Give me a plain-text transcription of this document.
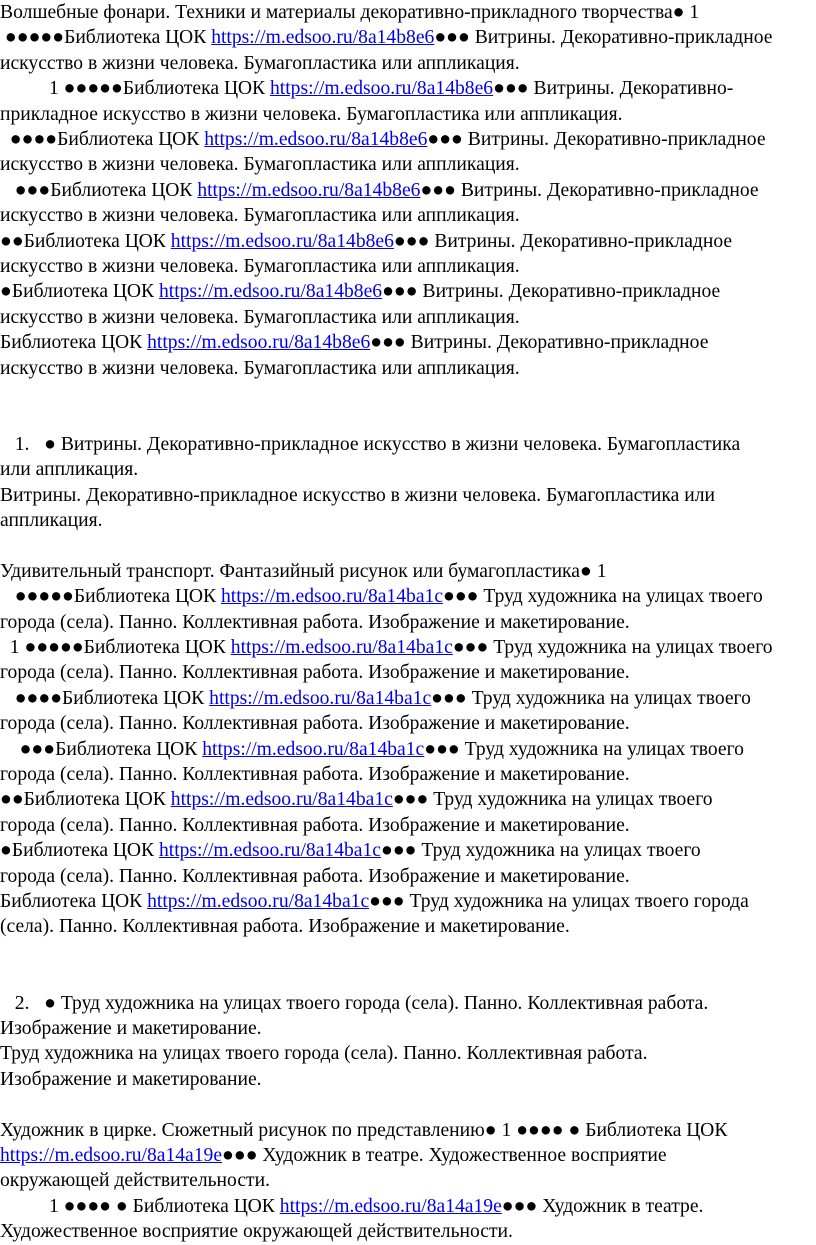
Волшебные фонари. Техники и материалы декоративно-прикладного творчества● 1
●●●●●Библиотека ЦОК https://m.edsoo.ru/8a14b8e6●●● Витрины. Декоративно-прикладное
искусство в жизни человека. Бумагопластика или аппликация.
1 ●●●●●Библиотека ЦОК https://m.edsoo.ru/8a14b8e6●●● Витрины. Декоративно-
прикладное искусство в жизни человека. Бумагопластика или аппликация.
●●●●Библиотека ЦОК https://m.edsoo.ru/8a14b8e6●●● Витрины. Декоративно-прикладное
искусство в жизни человека. Бумагопластика или аппликация.
●●●Библиотека ЦОК https://m.edsoo.ru/8a14b8e6●●● Витрины. Декоративно-прикладное
искусство в жизни человека. Бумагопластика или аппликация.
●●Библиотека ЦОК https://m.edsoo.ru/8a14b8e6●●● Витрины. Декоративно-прикладное
искусство в жизни человека. Бумагопластика или аппликация.
●Библиотека ЦОК https://m.edsoo.ru/8a14b8e6●●● Витрины. Декоративно-прикладное
искусство в жизни человека. Бумагопластика или аппликация.
Библиотека ЦОК https://m.edsoo.ru/8a14b8e6●●● Витрины. Декоративно-прикладное
искусство в жизни человека. Бумагопластика или аппликация.
1.   ● Витрины. Декоративно-прикладное искусство в жизни человека. Бумагопластика
или аппликация.
Витрины. Декоративно-прикладное искусство в жизни человека. Бумагопластика или
аппликация.
Удивительный транспорт. Фантазийный рисунок или бумагопластика● 1
●●●●●Библиотека ЦОК https://m.edsoo.ru/8a14ba1c●●● Труд художника на улицах твоего
города (села). Панно. Коллективная работа. Изображение и макетирование.
1 ●●●●●Библиотека ЦОК https://m.edsoo.ru/8a14ba1c●●● Труд художника на улицах твоего
города (села). Панно. Коллективная работа. Изображение и макетирование.
●●●●Библиотека ЦОК https://m.edsoo.ru/8a14ba1c●●● Труд художника на улицах твоего
города (села). Панно. Коллективная работа. Изображение и макетирование.
●●●Библиотека ЦОК https://m.edsoo.ru/8a14ba1c●●● Труд художника на улицах твоего
города (села). Панно. Коллективная работа. Изображение и макетирование.
●●Библиотека ЦОК https://m.edsoo.ru/8a14ba1c●●● Труд художника на улицах твоего
города (села). Панно. Коллективная работа. Изображение и макетирование.
●Библиотека ЦОК https://m.edsoo.ru/8a14ba1c●●● Труд художника на улицах твоего
города (села). Панно. Коллективная работа. Изображение и макетирование.
Библиотека ЦОК https://m.edsoo.ru/8a14ba1c●●● Труд художника на улицах твоего города
(села). Панно. Коллективная работа. Изображение и макетирование.
2.   ● Труд художника на улицах твоего города (села). Панно. Коллективная работа.
Изображение и макетирование.
Труд художника на улицах твоего города (села). Панно. Коллективная работа.
Изображение и макетирование.
Художник в цирке. Сюжетный рисунок по представлению● 1 ●●●● ● Библиотека ЦОК
https://m.edsoo.ru/8a14a19e●●● Художник в театре. Художественное восприятие
окружающей действительности.
1 ●●●● ● Библиотека ЦОК https://m.edsoo.ru/8a14a19e●●● Художник в театре.
Художественное восприятие окружающей действительности.
